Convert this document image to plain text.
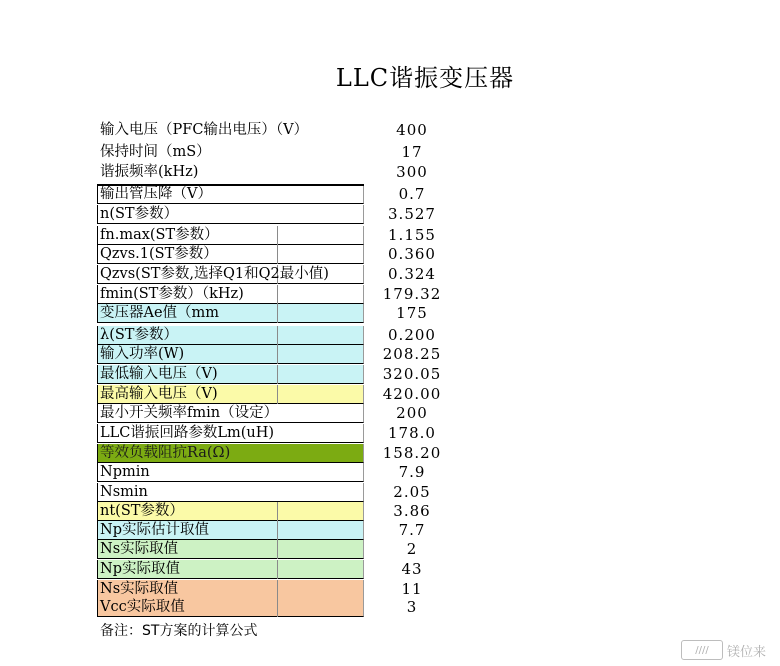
LLC谐振变压器
输入电压（PFC输出电压）（V）	400
保持时间（mS）	17
谐振频率(kHz)	300
输出管压降（V）	0.7
n(ST参数）	3.527
fn.max(ST参数）	1.155
Qzvs.1(ST参数）	0.360
Qzvs(ST参数,选择Q1和Q2最小值)	0.324
fmin(ST参数）（kHz)	179.32
变压器Ae值（mm	175
λ(ST参数）	0.200
输入功率(W)	208.25
最低输入电压（V)	320.05
最高输入电压（V)	420.00
最小开关频率fmin（设定）	200
LLC谐振回路参数Lm(uH)	178.0
等效负载阻抗Ra(Ω)	158.20
Npmin	7.9
Nsmin	2.05
nt(ST参数）	3.86
Np实际估计取值	7.7
Ns实际取值	2
Np实际取值	43
Ns实际取值	11
Vcc实际取值	3
备注：ST方案的计算公式
////	镁位来
